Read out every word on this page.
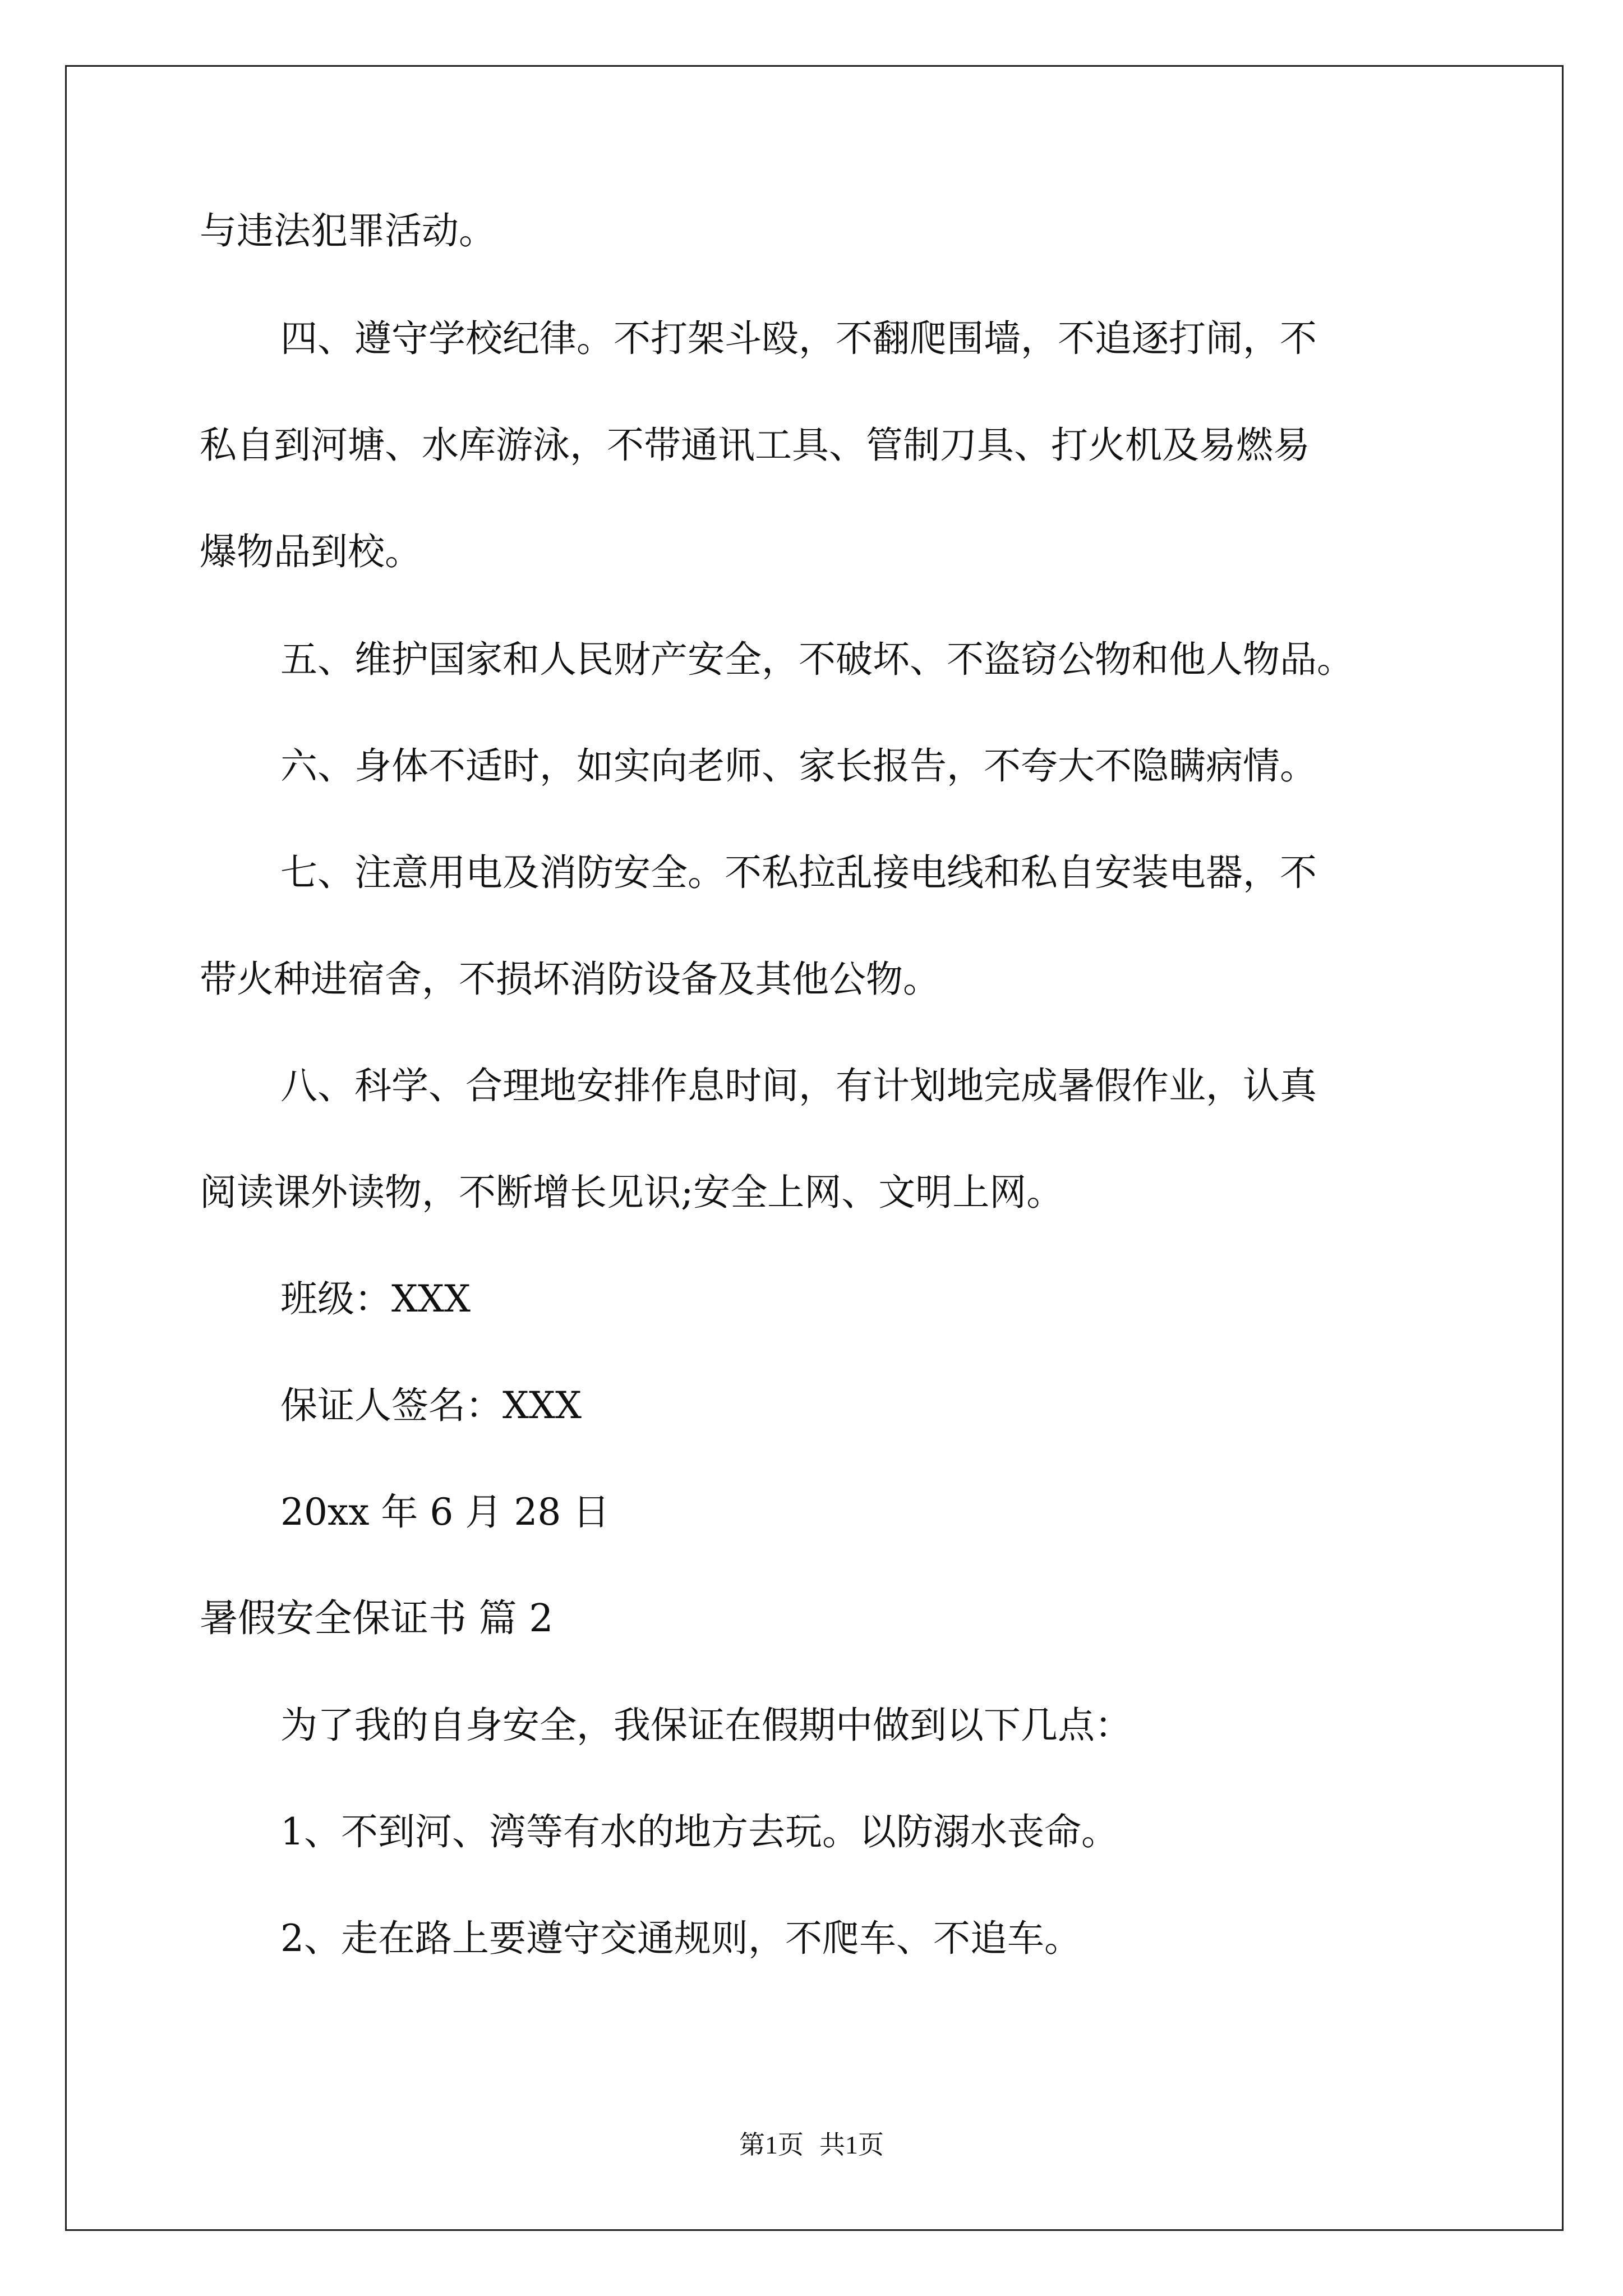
与违法犯罪活动。
四、遵守学校纪律。不打架斗殴，不翻爬围墙，不追逐打闹，不
私自到河塘、水库游泳，不带通讯工具、管制刀具、打火机及易燃易
爆物品到校。
五、维护国家和人民财产安全，不破坏、不盗窃公物和他人物品。
六、身体不适时，如实向老师、家长报告，不夸大不隐瞒病情。
七、注意用电及消防安全。不私拉乱接电线和私自安装电器，不
带火种进宿舍，不损坏消防设备及其他公物。
八、科学、合理地安排作息时间，有计划地完成暑假作业，认真
阅读课外读物，不断增长见识;安全上网、文明上网。
班级：XXX
保证人签名：XXX
20xx 年 6 月 28 日
暑假安全保证书 篇 2
为了我的自身安全，我保证在假期中做到以下几点：
1、不到河、湾等有水的地方去玩。以防溺水丧命。
2、走在路上要遵守交通规则，不爬车、不追车。
第1页 共1页
